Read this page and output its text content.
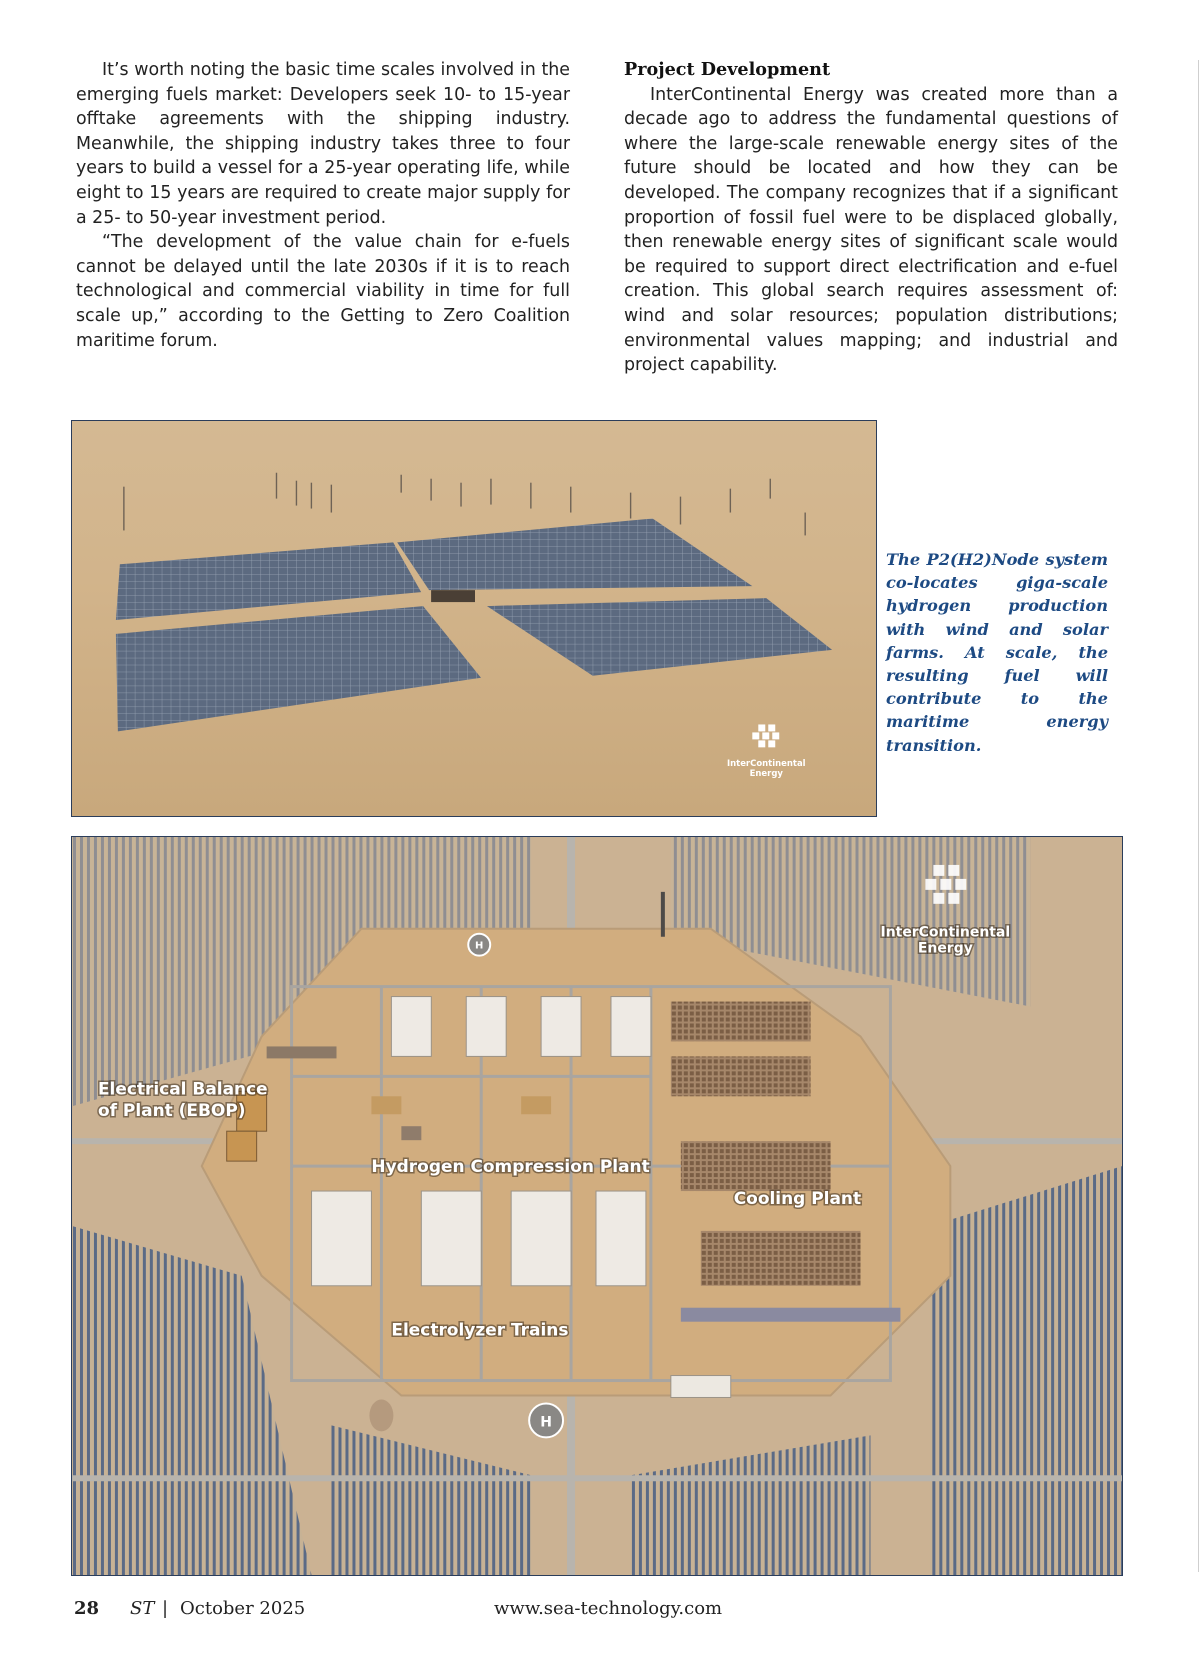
It’s worth noting the basic time scales involved in the emerging fuels market: Developers seek 10- to 15-year offtake agreements with the shipping industry. Meanwhile, the shipping industry takes three to four years to build a vessel for a 25-year operating life, while eight to 15 years are required to create major supply for a 25- to 50-year investment period.

“The development of the value chain for e-fuels cannot be delayed until the late 2030s if it is to reach technological and commercial viability in time for full scale up,” according to the Getting to Zero Coalition maritime forum.

Project Development

InterContinental Energy was created more than a decade ago to address the fundamental questions of where the large-scale renewable energy sites of the future should be located and how they can be developed. The company recognizes that if a significant proportion of fossil fuel were to be displaced globally, then renewable energy sites of significant scale would be required to support direct electrification and e-fuel creation. This global search requires assessment of: wind and solar resources; population distributions; environmental values mapping; and industrial and project capability.

InterContinental
Energy
The P2(H2)Node system co-locates giga-scale hydrogen production with wind and solar farms. At scale, the resulting fuel will contribute to the maritime energy transition.
H
H
InterContinental
Energy
Electrical Balance
of Plant (EBOP)
Hydrogen Compression Plant
Cooling Plant
Electrolyzer Trains
28 ST | October 2025	www.sea-technology.com
